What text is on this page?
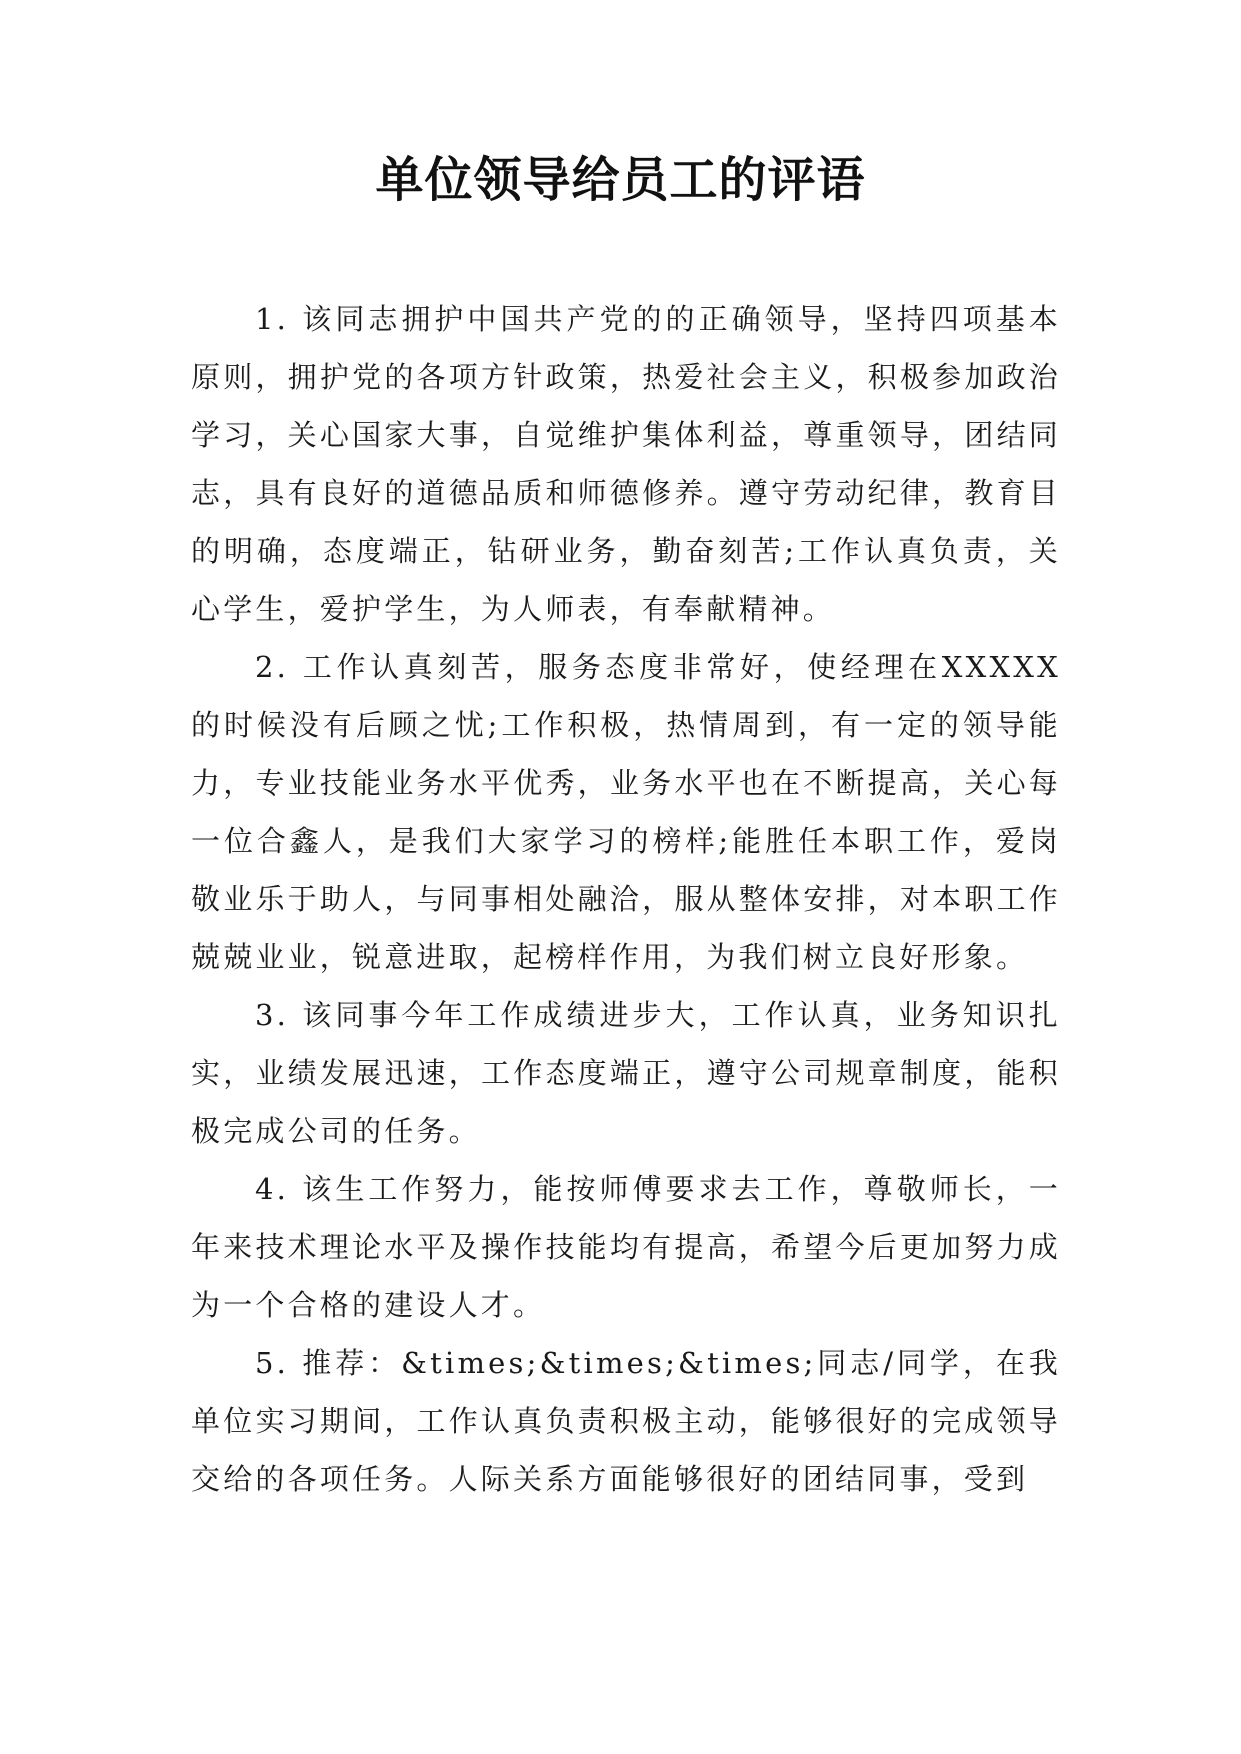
单位领导给员工的评语

1. 该同志拥护中国共产党的的正确领导，坚持四项基本原则，拥护党的各项方针政策，热爱社会主义，积极参加政治学习，关心国家大事，自觉维护集体利益，尊重领导，团结同志，具有良好的道德品质和师德修养。遵守劳动纪律，教育目的明确，态度端正，钻研业务，勤奋刻苦;工作认真负责，关心学生，爱护学生，为人师表，有奉献精神。

2. 工作认真刻苦，服务态度非常好，使经理在XXXXX的时候没有后顾之忧;工作积极，热情周到，有一定的领导能力，专业技能业务水平优秀，业务水平也在不断提高，关心每一位合鑫人，是我们大家学习的榜样;能胜任本职工作，爱岗敬业乐于助人，与同事相处融洽，服从整体安排，对本职工作兢兢业业，锐意进取，起榜样作用，为我们树立良好形象。

3. 该同事今年工作成绩进步大，工作认真，业务知识扎实，业绩发展迅速，工作态度端正，遵守公司规章制度，能积极完成公司的任务。

4. 该生工作努力，能按师傅要求去工作，尊敬师长，一年来技术理论水平及操作技能均有提高，希望今后更加努力成为一个合格的建设人才。

5. 推荐：&times;&times;&times;同志/同学，在我单位实习期间，工作认真负责积极主动，能够很好的完成领导交给的各项任务。人际关系方面能够很好的团结同事，受到
